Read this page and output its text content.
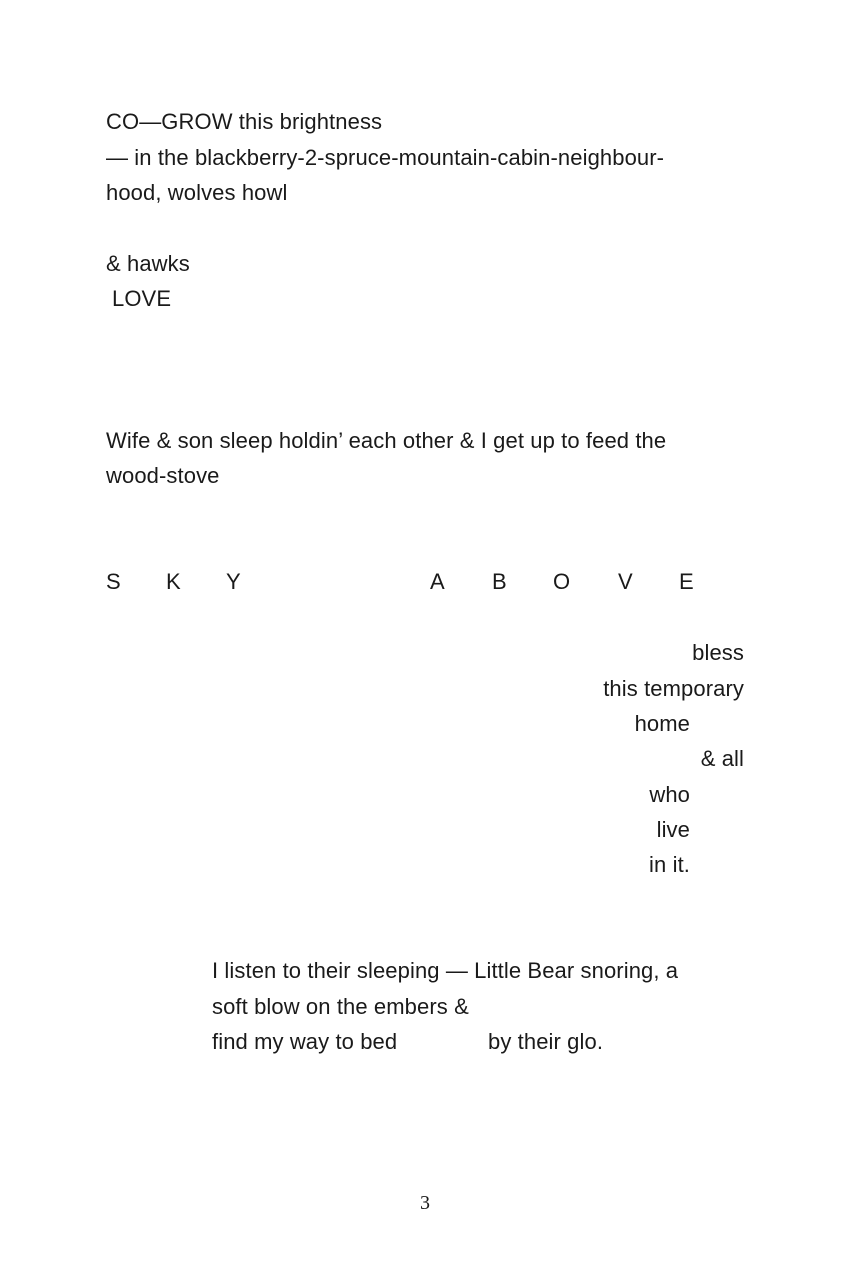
CO—GROW this brightness
— in the blackberry-2-spruce-mountain-cabin-neighbour-
hood, wolves howl
& hawks
LOVE
Wife & son sleep holdin’ each other & I get up to feed the
wood-stove
S K Y	A B O V E
bless
this temporary
home
& all
who
live
in it.
I listen to their sleeping — Little Bear snoring, a
soft blow on the embers &
find my way to bed	by their glo.
3
